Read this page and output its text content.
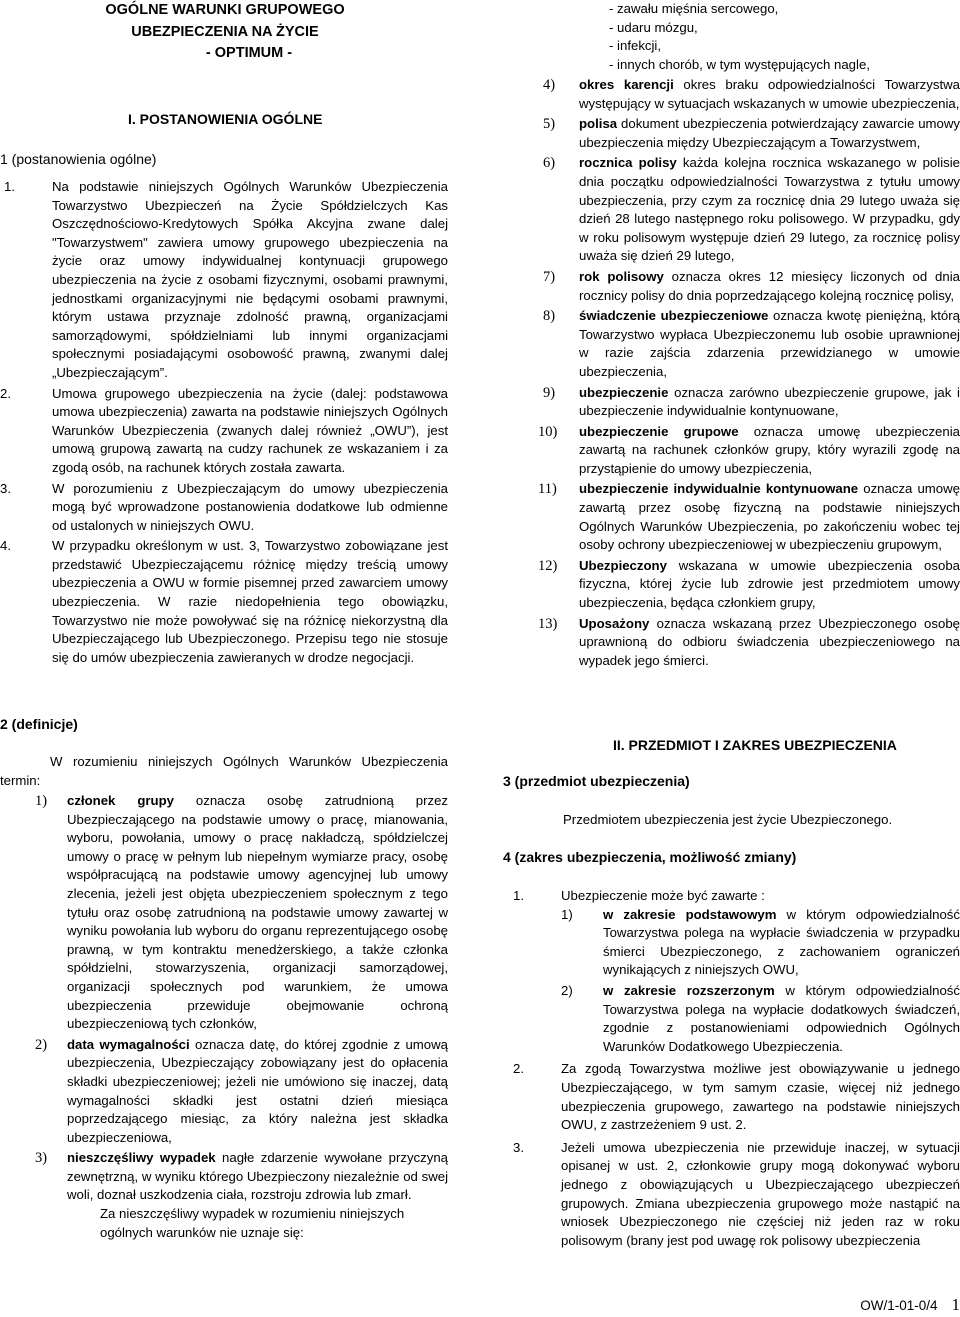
OGÓLNE WARUNKI GRUPOWEGO
UBEZPIECZENIA NA ŻYCIE
- OPTIMUM -
I. POSTANOWIENIA OGÓLNE
1 (postanowienia ogólne)
1.	Na podstawie niniejszych Ogólnych Warunków Ubezpieczenia Towarzystwo Ubezpieczeń na Życie Spółdzielczych Kas Oszczędnościowo-Kredytowych Spółka Akcyjna zwane dalej "Towarzystwem" zawiera umowy grupowego ubezpieczenia na życie oraz umowy indywidualnej kontynuacji grupowego ubezpieczenia na życie z osobami fizycznymi, osobami prawnymi, jednostkami organizacyjnymi nie będącymi osobami prawnymi, którym ustawa przyznaje zdolność prawną, organizacjami samorządowymi, spółdzielniami lub innymi organizacjami społecznymi posiadającymi osobowość prawną, zwanymi dalej „Ubezpieczającym”.
2.	Umowa grupowego ubezpieczenia na życie (dalej: podstawowa umowa ubezpieczenia) zawarta na podstawie niniejszych Ogólnych Warunków Ubezpieczenia (zwanych dalej również „OWU”), jest umową grupową zawartą na cudzy rachunek ze wskazaniem i za zgodą osób, na rachunek których została zawarta.
3.	W porozumieniu z Ubezpieczającym do umowy ubezpieczenia mogą być wprowadzone postanowienia dodatkowe lub odmienne od ustalonych w niniejszych OWU.
4.	W przypadku określonym w ust. 3, Towarzystwo zobowiązane jest przedstawić Ubezpieczającemu różnicę między treścią umowy ubezpieczenia a OWU w formie pisemnej przed zawarciem umowy ubezpieczenia. W razie niedopełnienia tego obowiązku, Towarzystwo nie może powoływać się na różnicę niekorzystną dla Ubezpieczającego lub Ubezpieczonego. Przepisu tego nie stosuje się do umów ubezpieczenia zawieranych w drodze negocjacji.
2 (definicje)
W rozumieniu niniejszych Ogólnych Warunków Ubezpieczenia termin:
1) członek grupy oznacza osobę zatrudnioną przez Ubezpieczającego na podstawie umowy o pracę, mianowania, wyboru, powołania, umowy o pracę nakładczą, spółdzielczej umowy o pracę w pełnym lub niepełnym wymiarze pracy, osobę współpracującą na podstawie umowy agencyjnej lub umowy zlecenia, jeżeli jest objęta ubezpieczeniem społecznym z tego tytułu oraz osobę zatrudnioną na podstawie umowy zawartej w wyniku powołania lub wyboru do organu reprezentującego osobę prawną, w tym kontraktu menedżerskiego, a także członka spółdzielni, stowarzyszenia, organizacji samorządowej, organizacji społecznych pod warunkiem, że umowa ubezpieczenia przewiduje obejmowanie ochroną ubezpieczeniową tych członków,
2) data wymagalności oznacza datę, do której zgodnie z umową ubezpieczenia, Ubezpieczający zobowiązany jest do opłacenia składki ubezpieczeniowej; jeżeli nie umówiono się inaczej, datą wymagalności składki jest ostatni dzień miesiąca poprzedzającego miesiąc, za który należna jest składka ubezpieczeniowa,
3) nieszczęśliwy wypadek nagłe zdarzenie wywołane przyczyną zewnętrzną, w wyniku którego Ubezpieczony niezależnie od swej woli, doznał uszkodzenia ciała, rozstroju zdrowia lub zmarł.
Za nieszczęśliwy wypadek w rozumieniu niniejszych ogólnych warunków nie uznaje się:
- zawału mięśnia sercowego,
- udaru mózgu,
- infekcji,
- innych chorób, w tym występujących nagle,
4) okres karencji okres braku odpowiedzialności Towarzystwa występujący w sytuacjach wskazanych w umowie ubezpieczenia,
5) polisa dokument ubezpieczenia potwierdzający zawarcie umowy ubezpieczenia między Ubezpieczającym a Towarzystwem,
6) rocznica polisy każda kolejna rocznica wskazanego w polisie dnia początku odpowiedzialności Towarzystwa z tytułu umowy ubezpieczenia, przy czym za rocznicę dnia 29 lutego uważa się dzień 28 lutego następnego roku polisowego. W przypadku, gdy w roku polisowym występuje dzień 29 lutego, za rocznicę polisy uważa się dzień 29 lutego,
7) rok polisowy oznacza okres 12 miesięcy liczonych od dnia rocznicy polisy do dnia poprzedzającego kolejną rocznicę polisy,
8) świadczenie ubezpieczeniowe oznacza kwotę pieniężną, którą Towarzystwo wypłaca Ubezpieczonemu lub osobie uprawnionej w razie zajścia zdarzenia przewidzianego w umowie ubezpieczenia,
9) ubezpieczenie oznacza zarówno ubezpieczenie grupowe, jak i ubezpieczenie indywidualnie kontynuowane,
10) ubezpieczenie grupowe oznacza umowę ubezpieczenia zawartą na rachunek członków grupy, który wyrazili zgodę na przystąpienie do umowy ubezpieczenia,
11) ubezpieczenie indywidualnie kontynuowane oznacza umowę zawartą przez osobę fizyczną na podstawie niniejszych Ogólnych Warunków Ubezpieczenia, po zakończeniu wobec tej osoby ochrony ubezpieczeniowej w ubezpieczeniu grupowym,
12) Ubezpieczony wskazana w umowie ubezpieczenia osoba fizyczna, której życie lub zdrowie jest przedmiotem umowy ubezpieczenia, będąca członkiem grupy,
13) Uposażony oznacza wskazaną przez Ubezpieczonego osobę uprawnioną do odbioru świadczenia ubezpieczeniowego na wypadek jego śmierci.
II. PRZEDMIOT I ZAKRES UBEZPIECZENIA
3 (przedmiot ubezpieczenia)
Przedmiotem ubezpieczenia jest życie Ubezpieczonego.
4 (zakres ubezpieczenia, możliwość zmiany)
1.	Ubezpieczenie może być zawarte :
1) w zakresie podstawowym w którym odpowiedzialność Towarzystwa polega na wypłacie świadczenia w przypadku śmierci Ubezpieczonego, z zachowaniem ograniczeń wynikających z niniejszych OWU,
2) w zakresie rozszerzonym w którym odpowiedzialność Towarzystwa polega na wypłacie dodatkowych świadczeń, zgodnie z postanowieniami odpowiednich Ogólnych Warunków Dodatkowego Ubezpieczenia.
2.	Za zgodą Towarzystwa możliwe jest obowiązywanie u jednego Ubezpieczającego, w tym samym czasie, więcej niż jednego ubezpieczenia grupowego, zawartego na podstawie niniejszych OWU, z zastrzeżeniem 9 ust. 2.
3.	Jeżeli umowa ubezpieczenia nie przewiduje inaczej, w sytuacji opisanej w ust. 2, członkowie grupy mogą dokonywać wyboru jednego z obowiązujących u Ubezpieczającego ubezpieczeń grupowych. Zmiana ubezpieczenia grupowego może nastąpić na wniosek Ubezpieczonego nie częściej niż jeden raz w roku polisowym (brany jest pod uwagę rok polisowy ubezpieczenia
OW/1-01-0/4 1
